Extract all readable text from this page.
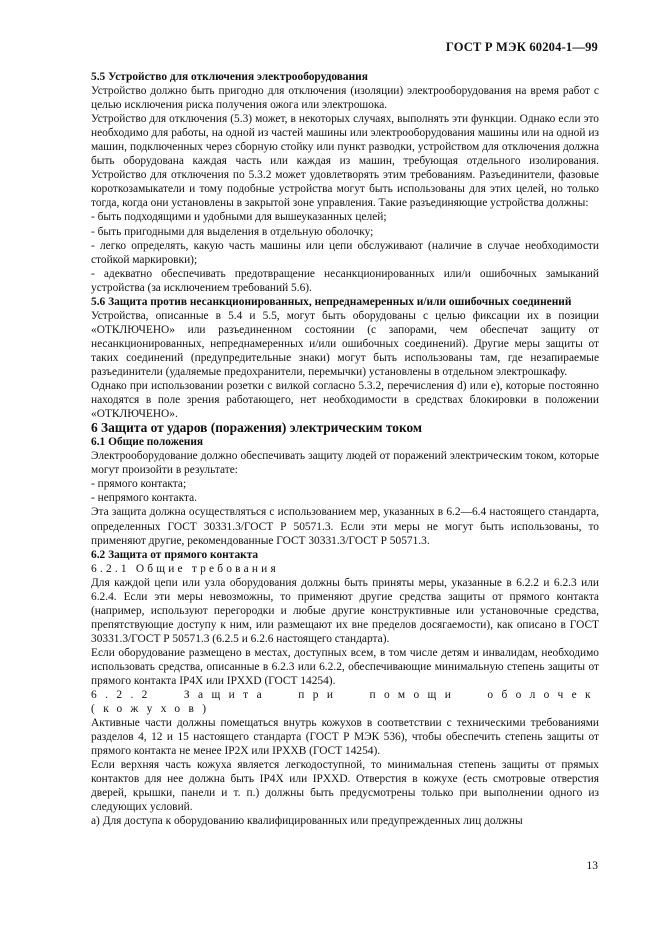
ГОСТ Р МЭК 60204-1—99

5.5 Устройство для отключения электрооборудования

Устройство должно быть пригодно для отключения (изоляции) электрооборудования на время работ с целью исключения риска получения ожога или электрошока.

Устройство для отключения (5.3) может, в некоторых случаях, выполнять эти функции. Однако если это необходимо для работы, на одной из частей машины или электрооборудования машины или на одной из машин, подключенных через сборную стойку или пункт разводки, устройством для отключения должна быть оборудована каждая часть или каждая из машин, требующая отдельного изолирования. Устройство для отключения по 5.3.2 может удовлетворять этим требованиям. Разъединители, фазовые короткозамыкатели и тому подобные устройства могут быть использованы для этих целей, но только тогда, когда они установлены в закрытой зоне управления. Такие разъединяющие устройства должны:

- быть подходящими и удобными для вышеуказанных целей;

- быть пригодными для выделения в отдельную оболочку;

- легко определять, какую часть машины или цепи обслуживают (наличие в случае необходимости стойкой маркировки);

- адекватно обеспечивать предотвращение несанкционированных или/и ошибочных замыканий устройства (за исключением требований 5.6).

5.6 Защита против несанкционированных, непреднамеренных и/или ошибочных соединений

Устройства, описанные в 5.4 и 5.5, могут быть оборудованы с целью фиксации их в позиции «ОТКЛЮЧЕНО» или разъединенном состоянии (с запорами, чем обеспечат защиту от несанкционированных, непреднамеренных и/или ошибочных соединений). Другие меры защиты от таких соединений (предупредительные знаки) могут быть использованы там, где незапираемые разъединители (удаляемые предохранители, перемычки) установлены в отдельном электрошкафу.

Однако при использовании розетки с вилкой согласно 5.3.2, перечисления d) или e), которые постоянно находятся в поле зрения работающего, нет необходимости в средствах блокировки в положении «ОТКЛЮЧЕНО».

6 Защита от ударов (поражения) электрическим током

6.1 Общие положения

Электрооборудование должно обеспечивать защиту людей от поражений электрическим током, которые могут произойти в результате:

- прямого контакта;

- непрямого контакта.

Эта защита должна осуществляться с использованием мер, указанных в 6.2—6.4 настоящего стандарта, определенных ГОСТ 30331.3/ГОСТ Р 50571.3. Если эти меры не могут быть использованы, то применяют другие, рекомендованные ГОСТ 30331.3/ГОСТ Р 50571.3.

6.2 Защита от прямого контакта

6.2.1 Общие требования

Для каждой цепи или узла оборудования должны быть приняты меры, указанные в 6.2.2 и 6.2.3 или 6.2.4. Если эти меры невозможны, то применяют другие средства защиты от прямого контакта (например, используют перегородки и любые другие конструктивные или установочные средства, препятствующие доступу к ним, или размещают их вне пределов досягаемости), как описано в ГОСТ 30331.3/ГОСТ Р 50571.3 (6.2.5 и 6.2.6 настоящего стандарта).

Если оборудование размещено в местах, доступных всем, в том числе детям и инвалидам, необходимо использовать средства, описанные в 6.2.3 или 6.2.2, обеспечивающие минимальную степень защиты от прямого контакта IP4X или IPXXD (ГОСТ 14254).

6.2.2 Защита при помощи оболочек (кожухов)

Активные части должны помещаться внутрь кожухов в соответствии с техническими требованиями разделов 4, 12 и 15 настоящего стандарта (ГОСТ Р МЭК 536), чтобы обеспечить степень защиты от прямого контакта не менее IP2X или IPXXB (ГОСТ 14254).

Если верхняя часть кожуха является легкодоступной, то минимальная степень защиты от прямых контактов для нее должна быть IP4X или IPXXD. Отверстия в кожухе (есть смотровые отверстия дверей, крышки, панели и т. п.) должны быть предусмотрены только при выполнении одного из следующих условий.

а) Для доступа к оборудованию квалифицированных или предупрежденных лиц должны

13
